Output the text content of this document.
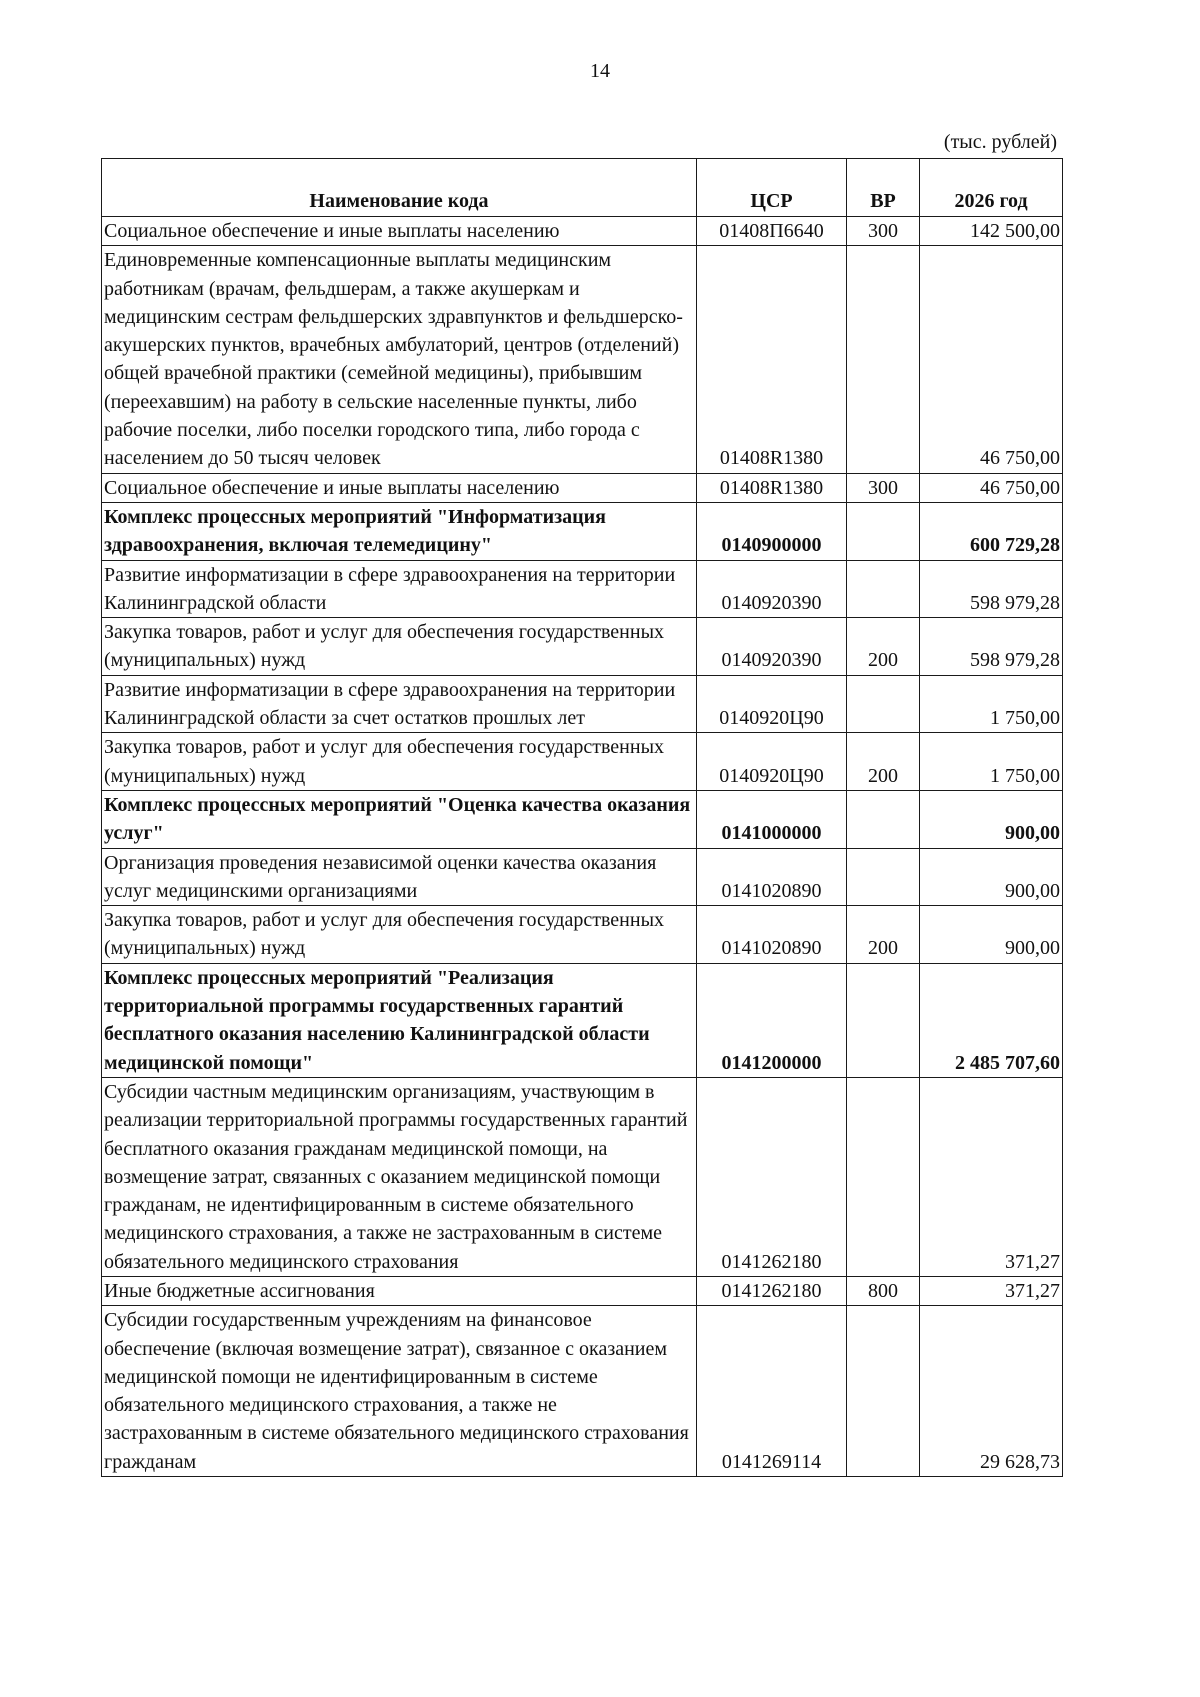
14
(тыс. рублей)
Наименование кода	ЦСР	ВР	2026 год
Социальное обеспечение и иные выплаты населению	01408П6640	300	142 500,00
Единовременные компенсационные выплаты медицинским работникам (врачам, фельдшерам, а также акушеркам и медицинским сестрам фельдшерских здравпунктов и фельдшерско-акушерских пунктов, врачебных амбулаторий, центров (отделений) общей врачебной практики (семейной медицины), прибывшим (переехавшим) на работу в сельские населенные пункты, либо рабочие поселки, либо поселки городского типа, либо города с населением до 50 тысяч человек	01408R1380		46 750,00
Социальное обеспечение и иные выплаты населению	01408R1380	300	46 750,00
Комплекс процессных мероприятий "Информатизация здравоохранения, включая телемедицину"	0140900000		600 729,28
Развитие информатизации в сфере здравоохранения на территории Калининградской области	0140920390		598 979,28
Закупка товаров, работ и услуг для обеспечения государственных (муниципальных) нужд	0140920390	200	598 979,28
Развитие информатизации в сфере здравоохранения на территории Калининградской области за счет остатков прошлых лет	0140920Ц90		1 750,00
Закупка товаров, работ и услуг для обеспечения государственных (муниципальных) нужд	0140920Ц90	200	1 750,00
Комплекс процессных мероприятий "Оценка качества оказания услуг"	0141000000		900,00
Организация проведения независимой оценки качества оказания услуг медицинскими организациями	0141020890		900,00
Закупка товаров, работ и услуг для обеспечения государственных (муниципальных) нужд	0141020890	200	900,00
Комплекс процессных мероприятий "Реализация территориальной программы государственных гарантий бесплатного оказания населению Калининградской области медицинской помощи"	0141200000		2 485 707,60
Субсидии частным медицинским организациям, участвующим в реализации территориальной программы государственных гарантий бесплатного оказания гражданам медицинской помощи, на возмещение затрат, связанных с оказанием медицинской помощи гражданам, не идентифицированным в системе обязательного медицинского страхования, а также не застрахованным в системе обязательного медицинского страхования	0141262180		371,27
Иные бюджетные ассигнования	0141262180	800	371,27
Субсидии государственным учреждениям на финансовое обеспечение (включая возмещение затрат), связанное с оказанием медицинской помощи не идентифицированным в системе обязательного медицинского страхования, а также не застрахованным в системе обязательного медицинского страхования гражданам	0141269114		29 628,73
